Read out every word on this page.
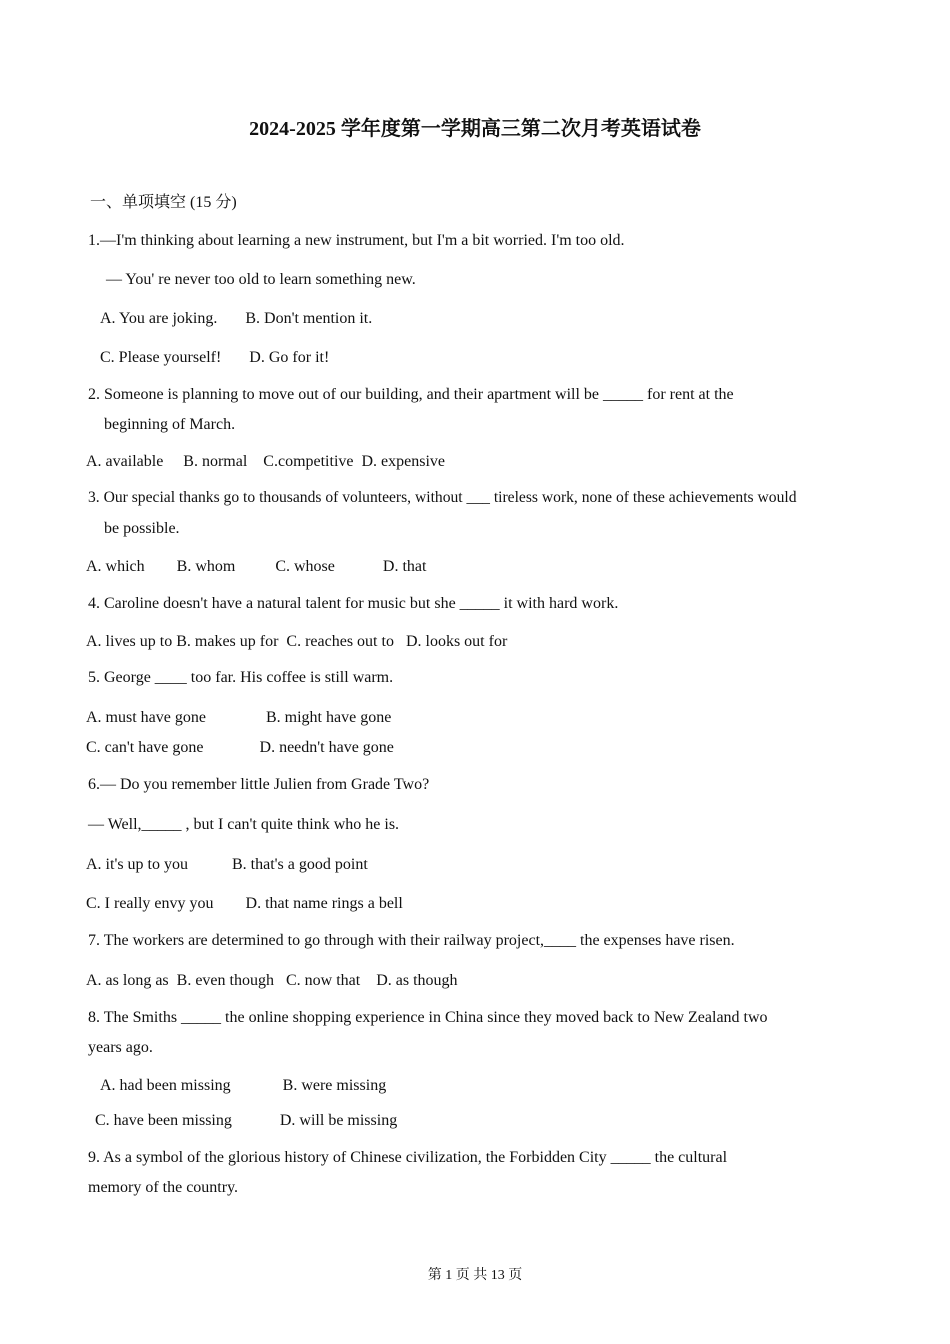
2024-2025 学年度第一学期高三第二次月考英语试卷
一、单项填空 (15 分)
1.—I'm thinking about learning a new instrument, but I'm a bit worried. I'm too old.
— You' re never too old to learn something new.
A. You are joking.       B. Don't mention it.
C. Please yourself!       D. Go for it!
2. Someone is planning to move out of our building, and their apartment will be _____ for rent at the
beginning of March.
A. available     B. normal    C.competitive  D. expensive
3. Our special thanks go to thousands of volunteers, without ___ tireless work, none of these achievements would
be possible.
A. which        B. whom          C. whose            D. that
4. Caroline doesn't have a natural talent for music but she _____ it with hard work.
A. lives up to B. makes up for  C. reaches out to   D. looks out for
5. George ____ too far. His coffee is still warm.
A. must have gone               B. might have gone
C. can't have gone              D. needn't have gone
6.— Do you remember little Julien from Grade Two?
— Well,_____ , but I can't quite think who he is.
A. it's up to you           B. that's a good point
C. I really envy you        D. that name rings a bell
7. The workers are determined to go through with their railway project,____ the expenses have risen.
A. as long as  B. even though   C. now that    D. as though
8. The Smiths _____ the online shopping experience in China since they moved back to New Zealand two
years ago.
A. had been missing             B. were missing
C. have been missing            D. will be missing
9. As a symbol of the glorious history of Chinese civilization, the Forbidden City _____ the cultural
memory of the country.
第 1 页 共 13 页
